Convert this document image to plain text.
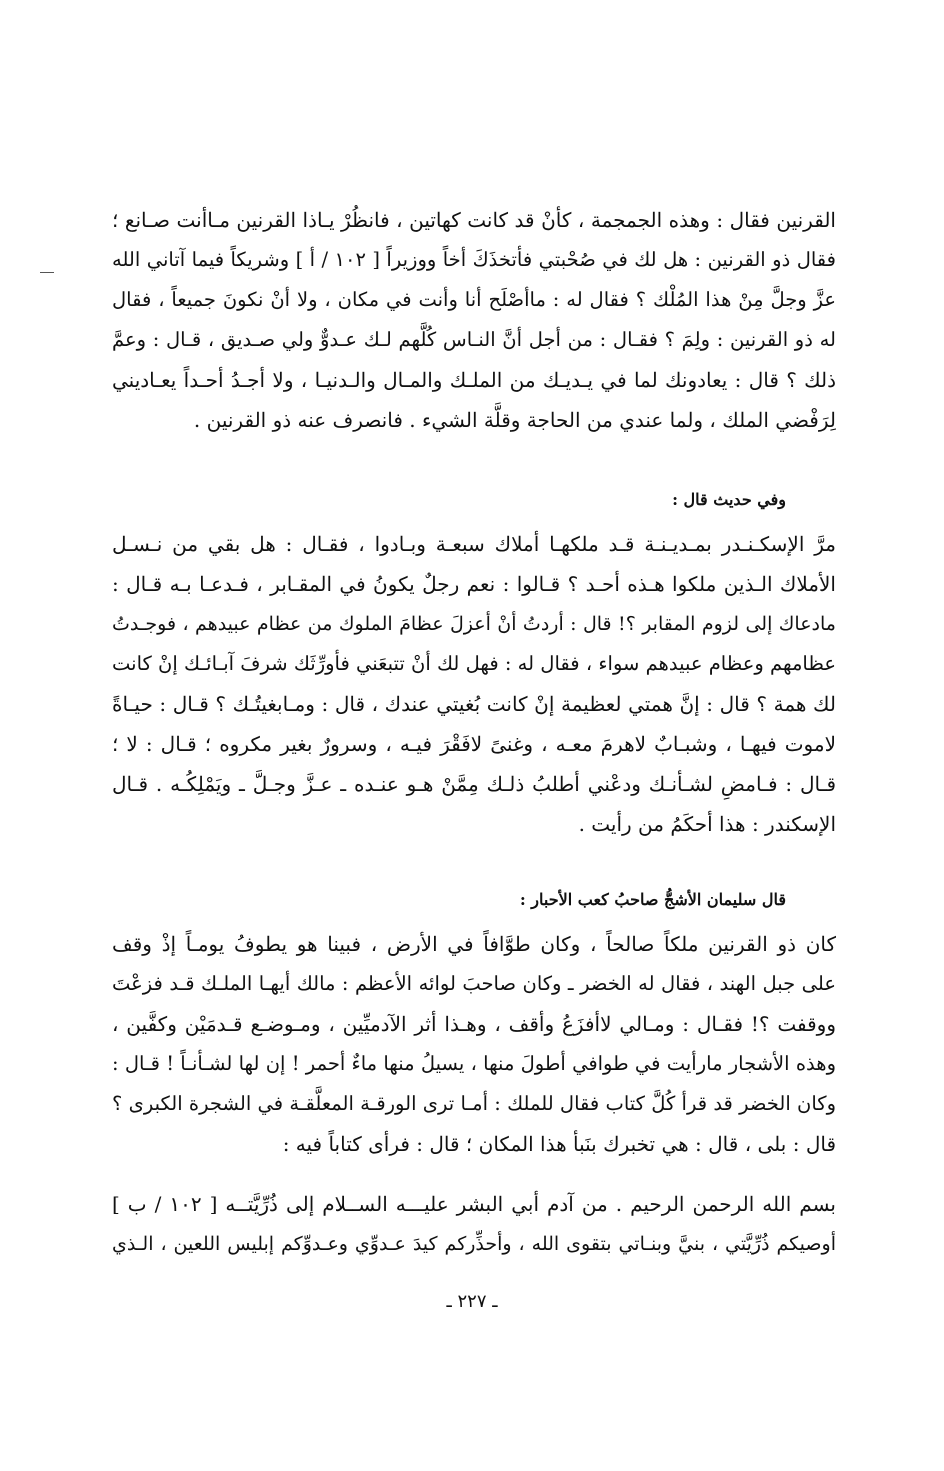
القرنين فقال : وهذه الجمجمة ، كأنْ قد كانت كهاتين ، فانظُرْ يـاذا القرنين مـاأنت صـانع ؛
فقال ذو القرنين : هل لك في صُحْبتي فأتخذَكَ أخاً ووزيراً [ ١٠٢ / أ ] وشريكاً فيما آتاني الله
عزَّ وجلَّ مِنْ هذا المُلْك ؟ فقال له : ماأصْلَح أنا وأنت في مكان ، ولا أنْ نكونَ جميعاً ، فقال
له ذو القرنين : ولِمَ ؟ فقـال : من أجل أنَّ النـاس كُلَّهم لـك عـدوٌّ ولي صـديق ، قـال : وعمَّ
ذلك ؟ قال : يعادونك لما في يـديـك من الملـك والمـال والـدنيـا ، ولا أجـدُ أحـداً يعـاديني
لِرَفْضي الملك ، ولما عندي من الحاجة وقلَّة الشيء . فانصرف عنه ذو القرنين .
وفي حديث قال :
مرَّ الإسكـنـدر بمـديـنـة قـد ملكهـا أملاك سبعـة وبـادوا ، فقـال : هل بقي من نـسـل
الأملاك الـذين ملكوا هـذه أحـد ؟ قـالوا : نعم رجلٌ يكونُ في المقـابر ، فـدعـا بـه قـال :
مادعاك إلى لزوم المقابر ؟! قال : أردتُ أنْ أعزلَ عظامَ الملوك من عظام عبيدهم ، فوجـدتُ
عظامهم وعظام عبيدهم سواء ، فقال له : فهل لك أنْ تتبعَني فأورِّثَك شرفَ آبـائـك إنْ كانت
لك همة ؟ قال : إنَّ همتي لعظيمة إنْ كانت بُغيتي عندك ، قال : ومـابغيتُـك ؟ قـال : حيـاةً
لاموت فيهـا ، وشبـابٌ لاهرمَ معـه ، وغنىً لافَقْرَ فيـه ، وسرورٌ بغير مكروه ؛ قـال : لا ؛
قـال : فـامضِ لشـأنـك ودعْني أطلبُ ذلـك مِمَّنْ هـو عنـده ـ عـزَّ وجـلَّ ـ ويَمْلِكُـه . قـال
الإسكندر : هذا أحكَمُ من رأيت .
قال سليمان الأشجُّ صاحبُ كعب الأحبار :
كان ذو القرنين ملكاً صالحاً ، وكان طوَّافاً في الأرض ، فبينا هو يطوفُ يومـاً إذْ وقف
على جبل الهند ، فقال له الخضر ـ وكان صاحبَ لوائه الأعظم : مالك أيهـا الملـك قـد فزعْتَ
ووقفت ؟! فقـال : ومـالي لاأفزَعُ وأقف ، وهـذا أثر الآدميِّين ، ومـوضـع قـدمَيْن وكفَّين ،
وهذه الأشجار مارأيت في طوافي أطولَ منها ، يسيلُ منها ماءٌ أحمر ! إن لها لشـأنـاً ! قـال :
وكان الخضر قد قرأ كُلَّ كتاب فقال للملك : أمـا ترى الورقـة المعلَّقـة في الشجرة الكبرى ؟
قال : بلى ، قال : هي تخبرك بنَبأ هذا المكان ؛ قال : فرأى كتاباً فيه :
بسم الله الرحمن الرحيم . من آدم أبي البشر عليـــه الســلام إلى ذُرِّيَّتــه [ ١٠٢ / ب ]
أوصيكم ذُرِّيَّتي ، بنيَّ وبنـاتي بتقوى الله ، وأحذِّركم كيدَ عـدوِّي وعـدوِّكم إبليس اللعين ، الـذي
ـ ٢٢٧ ـ
